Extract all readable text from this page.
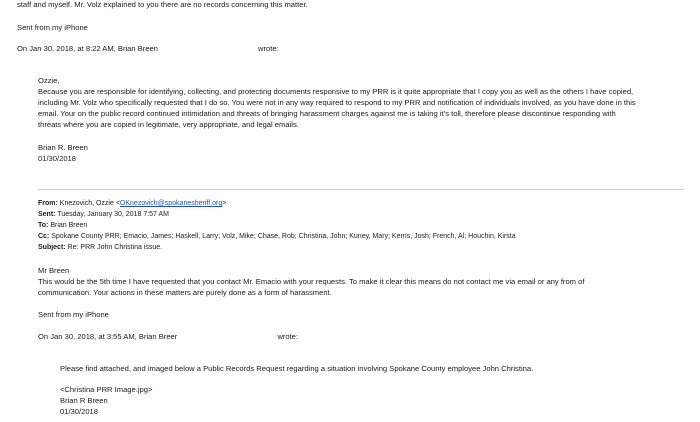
staff and myself. Mr. Volz explained to you there are no records concerning this matter.
Sent from my iPhone
On Jan 30, 2018, at 8:22 AM, Brian Breen	wrote:
Ozzie,
Because you are responsible for identifying, collecting, and protecting documents responsive to my PRR is it quite appropriate that I copy you as well as the others I have copied,
including Mr. Volz who specifically requested that I do so. You were not in any way required to respond to my PRR and notification of individuals involved, as you have done in this
email. Your on the public record continued intimidation and threats of bringing harassment charges against me is taking it’s toll, therefore please discontinue responding with
threats where you are copied in legitimate, very appropriate, and legal emails.
Brian R. Breen
01/30/2018
From: Knezovich, Ozzie <OKnezovich@spokanesheriff.org>
Sent: Tuesday, January 30, 2018 7:57 AM
To: Brian Breen
Cc: Spokane County PRR; Emacio, James; Haskell, Larry; Volz, Mike; Chase, Rob; Christina, John; Kuney, Mary; Kerns, Josh; French, Al; Houchin, Kirsta
Subject: Re: PRR John Christina issue.
Mr Breen
This w⁠ould be the 5th time I have requested that you contact Mr. Emacio with your requests. To make it clear this means do not contact me via email or any from of
communication. Your actions in these matters are purely done as a form of harassment.
Sent from my iPhone
On Jan 30, 2018, at 3:55 AM, Brian Breer	wrote:
Please find attached, and imaged below a Public Records Request regarding a situation involving Spokane County employee John Christina.
<Christina PRR Image.jpg>
Brian R Breen
01/30/2018
